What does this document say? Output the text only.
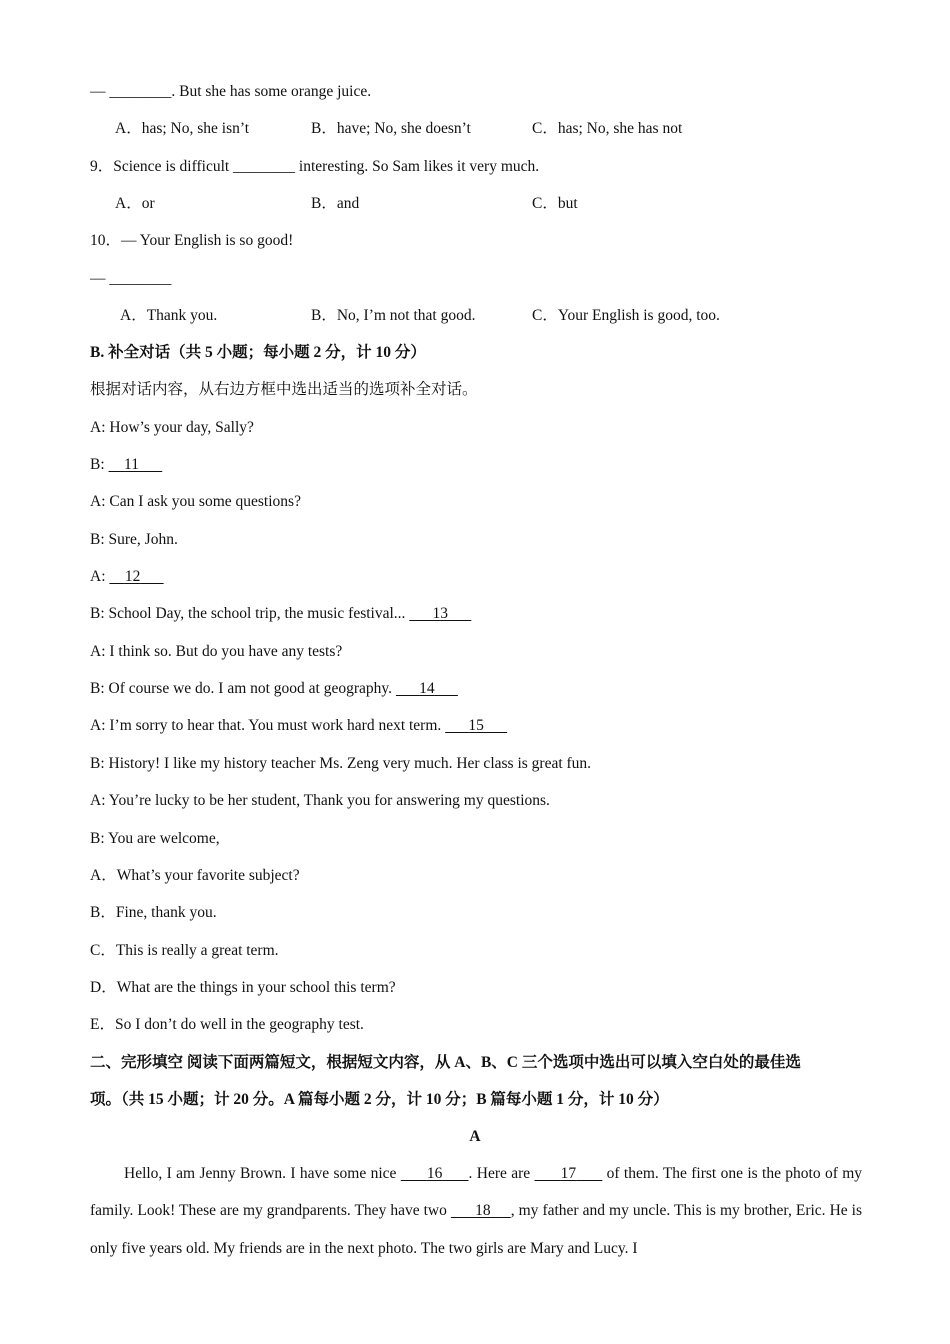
— ________. But she has some orange juice.
A．has; No, she isn’t	B．have; No, she doesn’t	C．has; No, she has not
9．Science is difficult ________ interesting. So Sam likes it very much.
A．or	B．and	C．but
10．— Your English is so good!
— ________
A．Thank you.	B．No, I’m not that good.	C．Your English is good, too.
B. 补全对话（共 5 小题；每小题 2 分，计 10 分）
根据对话内容，从右边方框中选出适当的选项补全对话。
A: How’s your day, Sally?
B:     11
A: Can I ask you some questions?
B: Sure, John.
A:     12
B: School Day, the school trip, the music festival...       13
A: I think so. But do you have any tests?
B: Of course we do. I am not good at geography.       14
A: I’m sorry to hear that. You must work hard next term.       15
B: History! I like my history teacher Ms. Zeng very much. Her class is great fun.
A: You’re lucky to be her student, Thank you for answering my questions.
B: You are welcome,
A．What’s your favorite subject?
B．Fine, thank you.
C．This is really a great term.
D．What are the things in your school this term?
E．So I don’t do well in the geography test.
二、完形填空 阅读下面两篇短文，根据短文内容，从 A、B、C 三个选项中选出可以填入空白处的最佳选
项。（共 15 小题；计 20 分。A 篇每小题 2 分，计 10 分；B 篇每小题 1 分，计 10 分）
A
Hello, I am Jenny Brown. I have some nice       16 . Here are       17       of them. The first one is the photo of my family. Look! These are my grandparents. They have two       18 , my father and my uncle. This is my brother, Eric. He is only five years old. My friends are in the next photo. The two girls are Mary and Lucy. I
